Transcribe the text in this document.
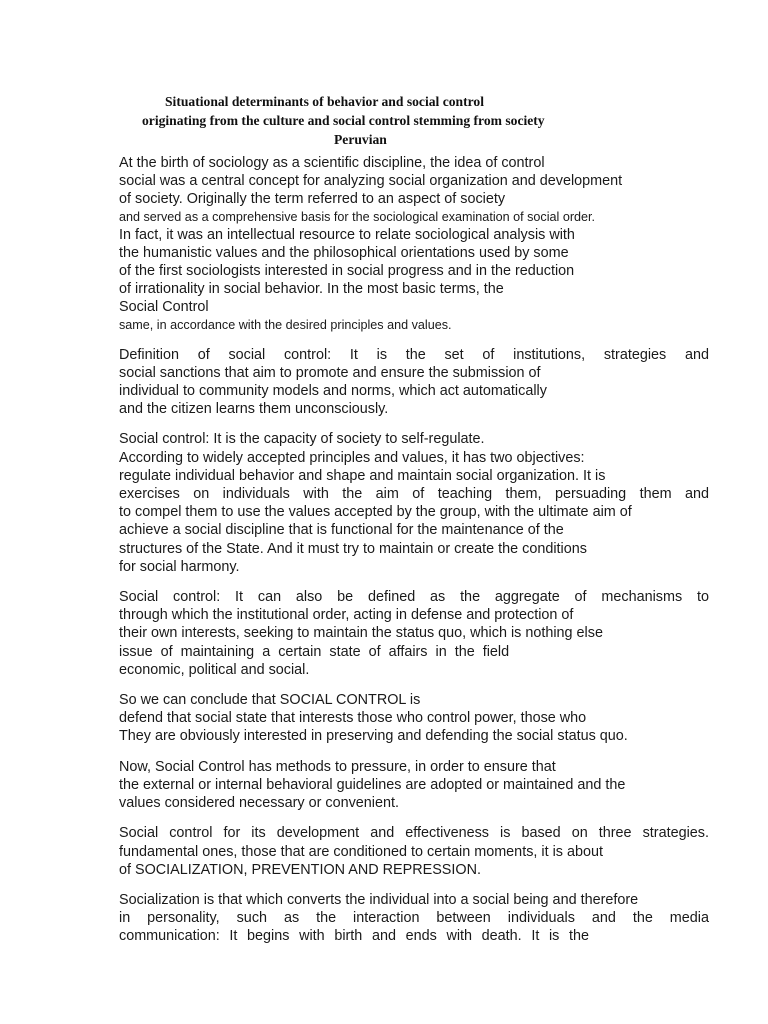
Situational determinants of behavior and social control
originating from the culture and social control stemming from society
Peruvian
At the birth of sociology as a scientific discipline, the idea of control
social was a central concept for analyzing social organization and development
of society. Originally the term referred to an aspect of society
and served as a comprehensive basis for the sociological examination of social order.
In fact, it was an intellectual resource to relate sociological analysis with
the humanistic values and the philosophical orientations used by some
of the first sociologists interested in social progress and in the reduction
of irrationality in social behavior. In the most basic terms, the
Social Control
same, in accordance with the desired principles and values.
Definition of social control: It is the set of institutions, strategies and
social sanctions that aim to promote and ensure the submission of
individual to community models and norms, which act automatically
and the citizen learns them unconsciously.
Social control: It is the capacity of society to self-regulate.
According to widely accepted principles and values, it has two objectives:
regulate individual behavior and shape and maintain social organization. It is
exercises on individuals with the aim of teaching them, persuading them and
to compel them to use the values accepted by the group, with the ultimate aim of
achieve a social discipline that is functional for the maintenance of the
structures of the State. And it must try to maintain or create the conditions
for social harmony.
Social control: It can also be defined as the aggregate of mechanisms to
through which the institutional order, acting in defense and protection of
their own interests, seeking to maintain the status quo, which is nothing else
issue of maintaining a certain state of affairs in the field
economic, political and social.
So we can conclude that SOCIAL CONTROL is
defend that social state that interests those who control power, those who
They are obviously interested in preserving and defending the social status quo.
Now, Social Control has methods to pressure, in order to ensure that
the external or internal behavioral guidelines are adopted or maintained and the
values considered necessary or convenient.
Social control for its development and effectiveness is based on three strategies.
fundamental ones, those that are conditioned to certain moments, it is about
of SOCIALIZATION, PREVENTION AND REPRESSION.
Socialization is that which converts the individual into a social being and therefore
in personality, such as the interaction between individuals and the media
communication: It begins with birth and ends with death. It is the
